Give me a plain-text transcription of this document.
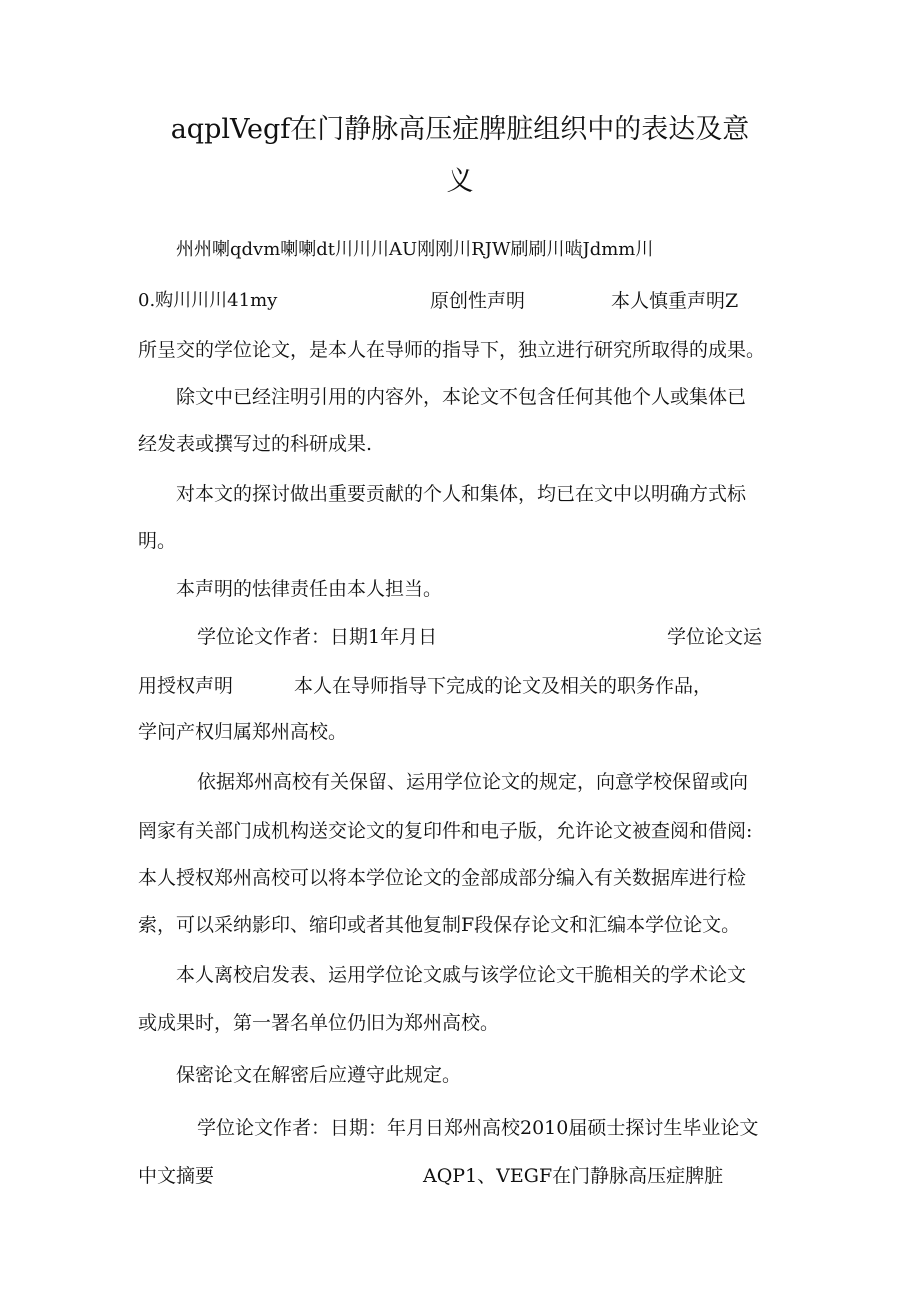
aqplVegf在门静脉高压症脾脏组织中的表达及意
义
州州喇qdvm喇喇dt川川川AU刚刚川RJW刷刷川啮Jdmm川
0.购川川川41my	原创性声明	本人慎重声明Z
所呈交的学位论文，是本人在导师的指导下，独立进行研究所取得的成果。
除文中已经注明引用的内容外，本论文不包含任何其他个人或集体已
经发表或撰写过的科研成果.
对本文的探讨做出重要贡献的个人和集体，均已在文中以明确方式标
明。
本声明的怯律责任由本人担当。
学位论文作者：日期1年月日	学位论文运
用授权声明	本人在导师指导下完成的论文及相关的职务作品，
学问产权归属郑州高校。
依据郑州高校有关保留、运用学位论文的规定，向意学校保留或向
罔家有关部门成机构送交论文的复印件和电子版，允许论文被查阅和借阅:
本人授权郑州高校可以将本学位论文的金部成部分编入有关数据库进行检
索，可以采纳影印、缩印或者其他复制F段保存论文和汇编本学位论文。
本人离校启发表、运用学位论文戚与该学位论文干脆相关的学术论文
或成果时，第一署名单位仍旧为郑州高校。
保密论文在解密后应遵守此规定。
学位论文作者：日期：年月日郑州高校2010届硕士探讨生毕业论文
中文摘要	AQP1、VEGF在门静脉高压症脾脏
